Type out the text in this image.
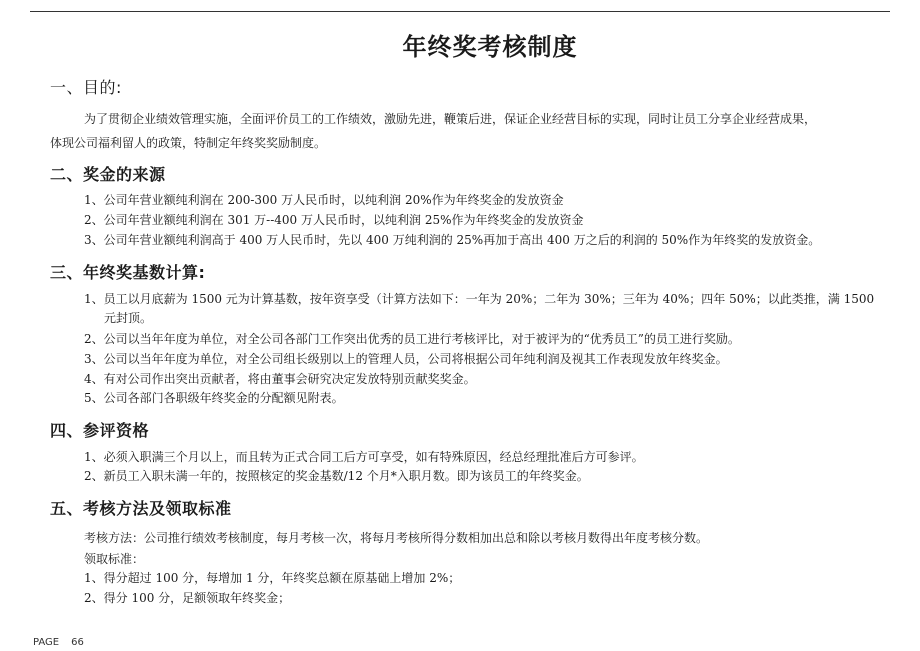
年终奖考核制度
一、目的:
为了贯彻企业绩效管理实施，全面评价员工的工作绩效，激励先进，鞭策后进，保证企业经营目标的实现，同时让员工分享企业经营成果，
体现公司福利留人的政策，特制定年终奖奖励制度。
二、奖金的来源
1、公司年营业额纯利润在 200-300 万人民币时，以纯利润 20%作为年终奖金的发放资金
2、公司年营业额纯利润在 301 万--400 万人民币时，以纯利润 25%作为年终奖金的发放资金
3、公司年营业额纯利润高于 400 万人民币时，先以 400 万纯利润的 25%再加于高出 400 万之后的利润的 50%作为年终奖的发放资金。
三、年终奖基数计算:
1、员工以月底薪为 1500 元为计算基数，按年资享受（计算方法如下：一年为 20%；二年为 30%；三年为 40%；四年 50%；以此类推，满 1500
元封顶。
2、公司以当年年度为单位，对全公司各部门工作突出优秀的员工进行考核评比，对于被评为的“优秀员工”的员工进行奖励。
3、公司以当年年度为单位，对全公司组长级别以上的管理人员，公司将根据公司年纯利润及视其工作表现发放年终奖金。
4、有对公司作出突出贡献者，将由董事会研究决定发放特别贡献奖奖金。
5、公司各部门各职级年终奖金的分配额见附表。
四、参评资格
1、必须入职满三个月以上，而且转为正式合同工后方可享受，如有特殊原因，经总经理批准后方可参评。
2、新员工入职未满一年的，按照核定的奖金基数/12 个月*入职月数。即为该员工的年终奖金。
五、考核方法及领取标准
考核方法：公司推行绩效考核制度，每月考核一次，将每月考核所得分数相加出总和除以考核月数得出年度考核分数。
领取标准：
1、得分超过 100 分，每增加 1 分，年终奖总额在原基础上增加 2%；
2、得分 100 分，足额领取年终奖金；
PAGE 66
